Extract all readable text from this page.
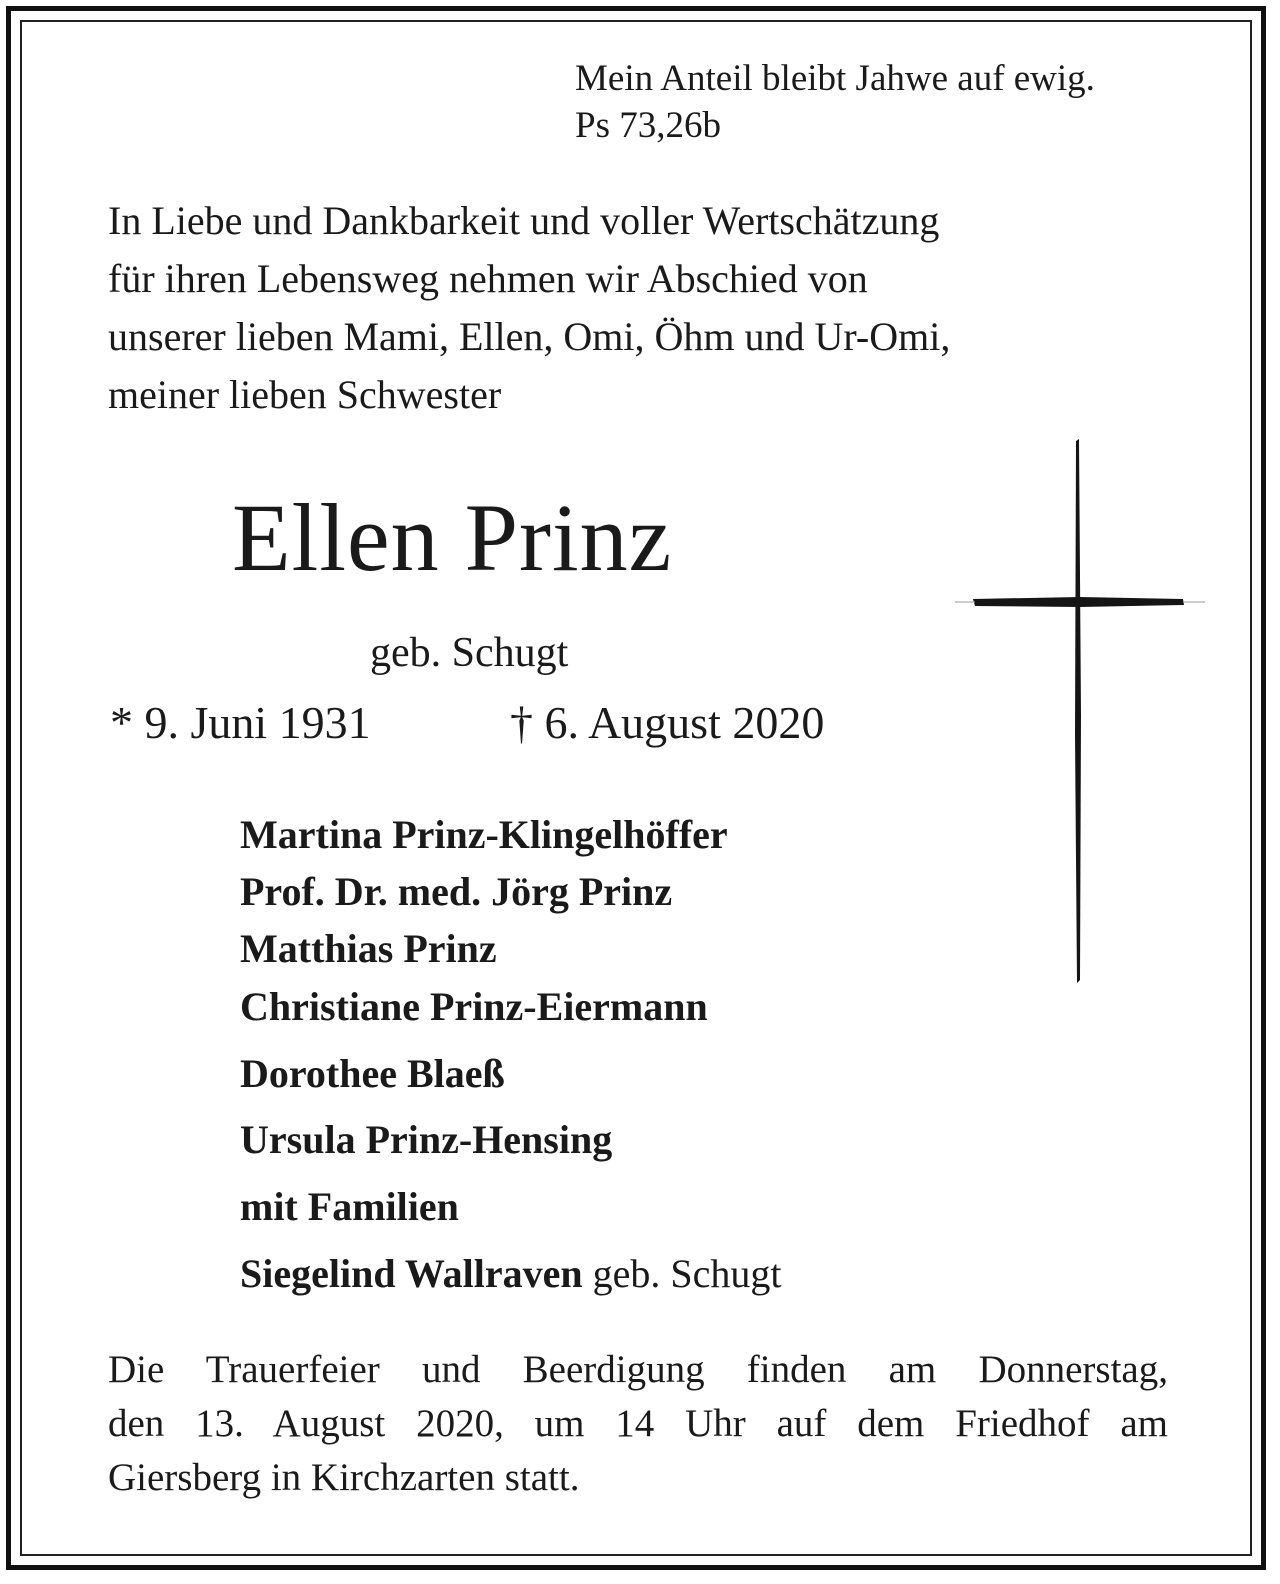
Mein Anteil bleibt Jahwe auf ewig.
Ps 73,26b
In Liebe und Dankbarkeit und voller Wertschätzung
für ihren Lebensweg nehmen wir Abschied von
unserer lieben Mami, Ellen, Omi, Öhm und Ur-Omi,
meiner lieben Schwester
Ellen Prinz
geb. Schugt
* 9. Juni 1931	† 6. August 2020
Martina Prinz-Klingelhöffer
Prof. Dr. med. Jörg Prinz
Matthias Prinz
Christiane Prinz-Eiermann
Dorothee Blaeß
Ursula Prinz-Hensing
mit Familien
Siegelind Wallraven geb. Schugt
Die Trauerfeier und Beerdigung finden am Donnerstag,
den 13. August 2020, um 14 Uhr auf dem Friedhof am
Giersberg in Kirchzarten statt.
